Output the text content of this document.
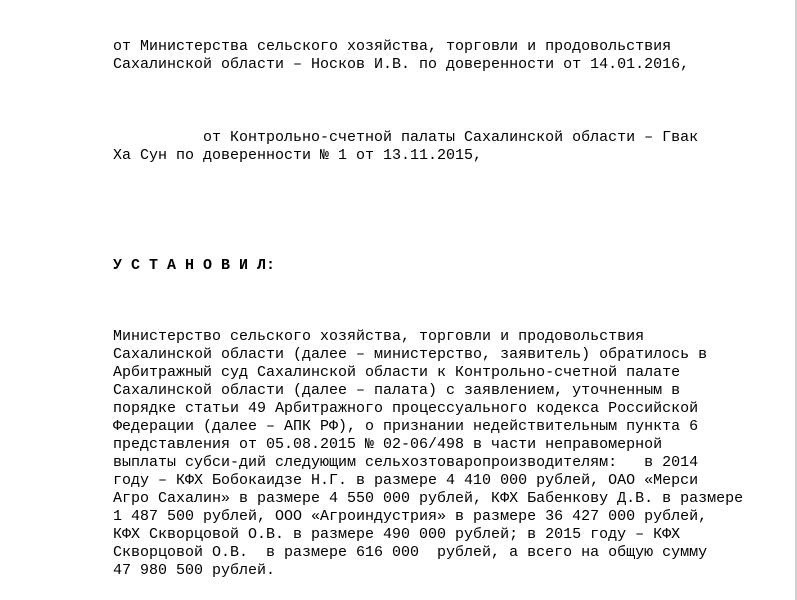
от Министерства сельского хозяйства, торговли и продовольствия
Сахалинской области – Носков И.В. по доверенности от 14.01.2016,
от Контрольно-счетной палаты Сахалинской области – Гвак
Ха Сун по доверенности № 1 от 13.11.2015,
У С Т А Н О В И Л:
Министерство сельского хозяйства, торговли и продовольствия
Сахалинской области (далее – министерство, заявитель) обратилось в
Арбитражный суд Сахалинской области к Контрольно-счетной палате
Сахалинской области (далее – палата) с заявлением, уточненным в
порядке статьи 49 Арбитражного процессуального кодекса Российской
Федерации (далее – АПК РФ), о признании недействительным пункта 6
представления от 05.08.2015 № 02-06/498 в части неправомерной
выплаты субси-дий следующим сельхозтоваропроизводителям:   в 2014
году – КФХ Бобокаидзе Н.Г. в размере 4 410 000 рублей, ОАО «Мерси
Агро Сахалин» в размере 4 550 000 рублей, КФХ Бабенкову Д.В. в размере
1 487 500 рублей, ООО «Агроиндустрия» в размере 36 427 000 рублей,
КФХ Скворцовой О.В. в размере 490 000 рублей; в 2015 году – КФХ
Скворцовой О.В.  в размере 616 000  рублей, а всего на общую сумму
47 980 500 рублей.
